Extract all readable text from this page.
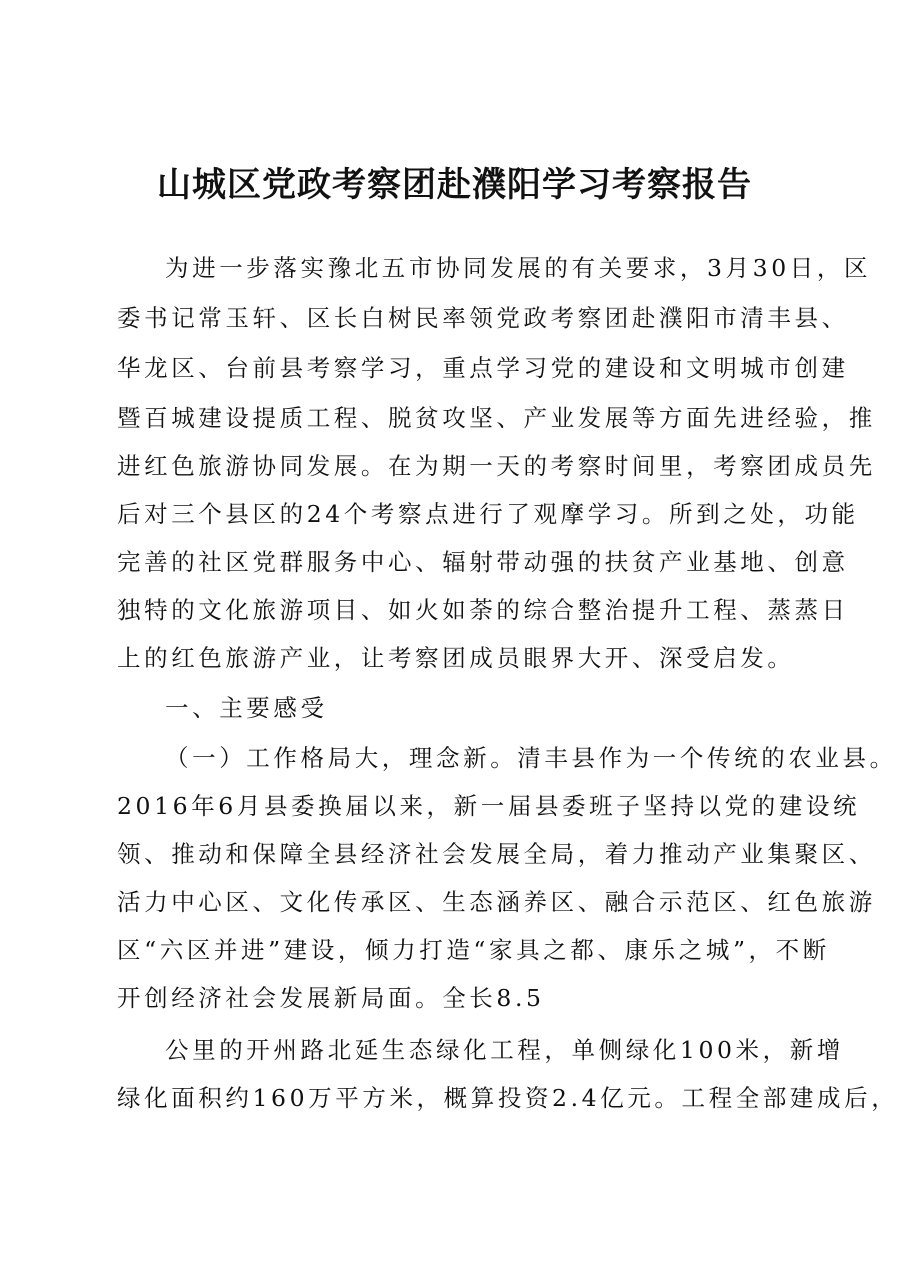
山城区党政考察团赴濮阳学习考察报告
为进一步落实豫北五市协同发展的有关要求，3月30日，区
委书记常玉轩、区长白树民率领党政考察团赴濮阳市清丰县、
华龙区、台前县考察学习，重点学习党的建设和文明城市创建
暨百城建设提质工程、脱贫攻坚、产业发展等方面先进经验，推
进红色旅游协同发展。在为期一天的考察时间里，考察团成员先
后对三个县区的24个考察点进行了观摩学习。所到之处，功能
完善的社区党群服务中心、辐射带动强的扶贫产业基地、创意
独特的文化旅游项目、如火如荼的综合整治提升工程、蒸蒸日
上的红色旅游产业，让考察团成员眼界大开、深受启发。
一、主要感受
（一）工作格局大，理念新。清丰县作为一个传统的农业县。
2016年6月县委换届以来，新一届县委班子坚持以党的建设统
领、推动和保障全县经济社会发展全局，着力推动产业集聚区、
活力中心区、文化传承区、生态涵养区、融合示范区、红色旅游
区“六区并进”建设，倾力打造“家具之都、康乐之城”，不断
开创经济社会发展新局面。全长8.5
公里的开州路北延生态绿化工程，单侧绿化100米，新增
绿化面积约160万平方米，概算投资2.4亿元。工程全部建成后，
